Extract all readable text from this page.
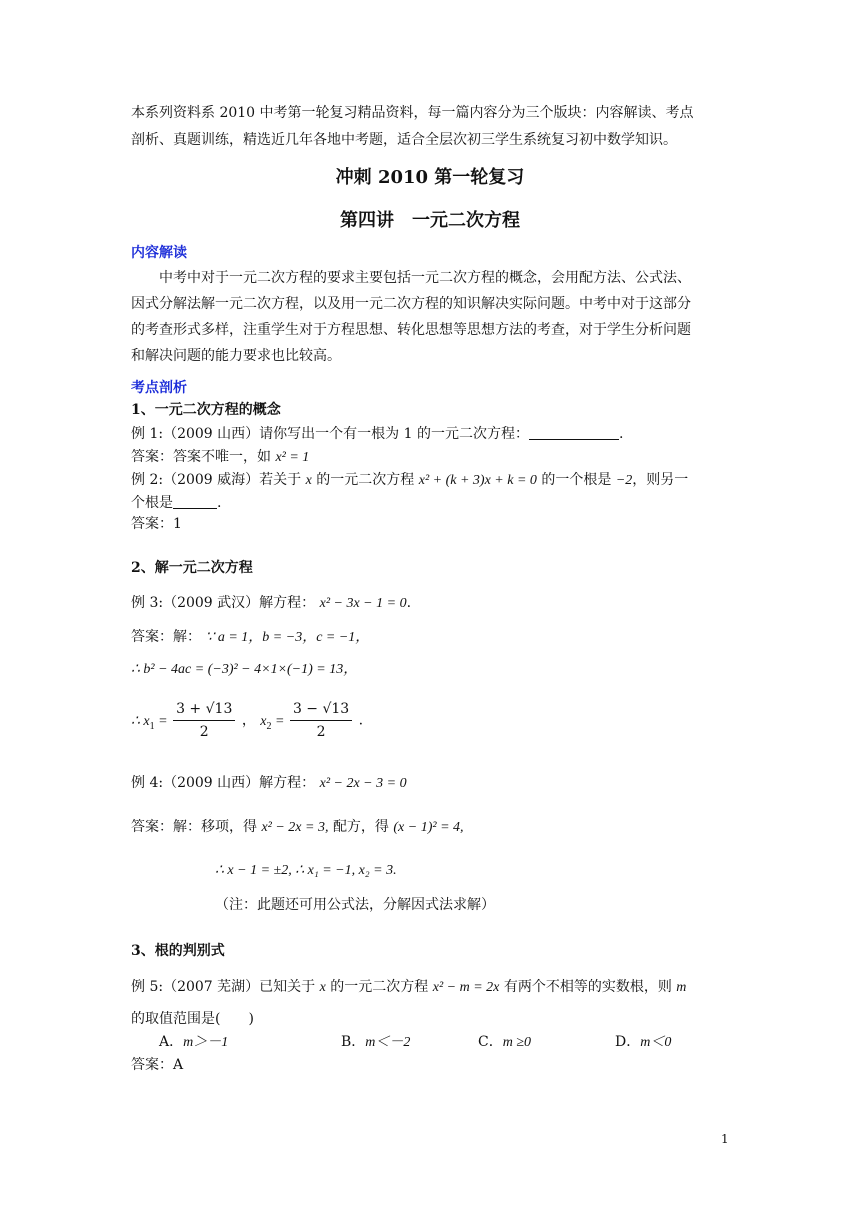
本系列资料系 2010 中考第一轮复习精品资料，每一篇内容分为三个版块：内容解读、考点
剖析、真题训练，精选近几年各地中考题，适合全层次初三学生系统复习初中数学知识。
冲刺 2010 第一轮复习
第四讲　一元二次方程
内容解读
中考中对于一元二次方程的要求主要包括一元二次方程的概念，会用配方法、公式法、
因式分解法解一元二次方程，以及用一元二次方程的知识解决实际问题。中考中对于这部分
的考查形式多样，注重学生对于方程思想、转化思想等思想方法的考查，对于学生分析问题
和解决问题的能力要求也比较高。
考点剖析
1、一元二次方程的概念
例 1:（2009 山西）请你写出一个有一根为 1 的一元二次方程：	.
答案：答案不唯一，如 x² = 1
例 2:（2009 威海）若关于 x 的一元二次方程 x² + (k + 3)x + k = 0 的一个根是 −2，则另一
个根是	.
答案：1
2、解一元二次方程
例 3:（2009 武汉）解方程： x² − 3x − 1 = 0.
答案：解： ∵ a = 1，b = −3，c = −1，
∴ b² − 4ac = (−3)² − 4×1×(−1) = 13，
∴ $x_1 = \frac{3 + √13}{2}$ ， $x_2 = \frac{3 - √13}{2}$ .
例 4:（2009 山西）解方程： x² − 2x − 3 = 0
答案：解：移项，得 x² − 2x = 3, 配方，得 (x − 1)² = 4,
∴ x − 1 = ±2, ∴ x₁ = −1, x₂ = 3.
（注：此题还可用公式法，分解因式法求解）
3、根的判别式
例 5:（2007 芜湖）已知关于 x 的一元二次方程 x² − m = 2x 有两个不相等的实数根，则 m
的取值范围是(　　)
A．m＞－1	B．m＜－2	C．m ≥0	D．m＜0
答案：A
1
